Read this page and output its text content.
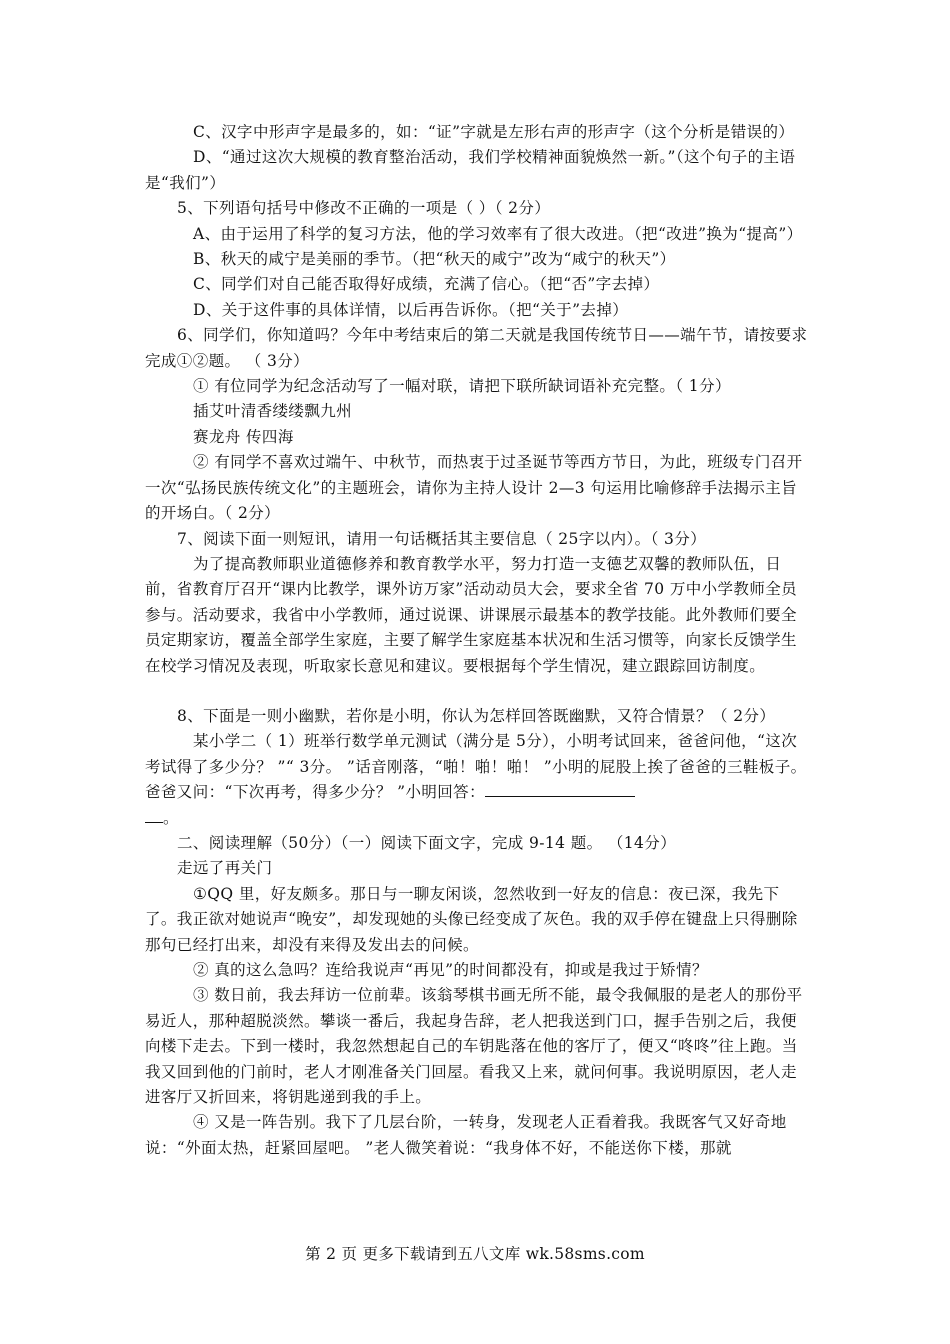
C、汉字中形声字是最多的，如：“证”字就是左形右声的形声字（这个分析是错误的）

D、“通过这次大规模的教育整治活动，我们学校精神面貌焕然一新。”（这个句子的主语是“我们”）

5、下列语句括号中修改不正确的一项是（ ）（ 2分）

A、由于运用了科学的复习方法，他的学习效率有了很大改进。（把“改进”换为“提高”）

B、秋天的咸宁是美丽的季节。（把“秋天的咸宁”改为“咸宁的秋天”）

C、同学们对自己能否取得好成绩，充满了信心。（把“否”字去掉）

D、关于这件事的具体详情，以后再告诉你。（把“关于”去掉）

6、同学们，你知道吗？今年中考结束后的第二天就是我国传统节日——端午节，请按要求完成①②题。 （ 3分）

① 有位同学为纪念活动写了一幅对联，请把下联所缺词语补充完整。（ 1分）

插艾叶清香缕缕飘九州

赛龙舟 传四海

② 有同学不喜欢过端午、中秋节，而热衷于过圣诞节等西方节日，为此，班级专门召开一次“弘扬民族传统文化”的主题班会，请你为主持人设计 2—3 句运用比喻修辞手法揭示主旨的开场白。（ 2分）

7、阅读下面一则短讯，请用一句话概括其主要信息（ 25字以内）。（ 3分）

为了提高教师职业道德修养和教育教学水平，努力打造一支德艺双馨的教师队伍，日前，省教育厅召开“课内比教学，课外访万家”活动动员大会，要求全省 70 万中小学教师全员参与。活动要求，我省中小学教师，通过说课、讲课展示最基本的教学技能。此外教师们要全员定期家访，覆盖全部学生家庭，主要了解学生家庭基本状况和生活习惯等，向家长反馈学生在校学习情况及表现，听取家长意见和建议。要根据每个学生情况，建立跟踪回访制度。

8、下面是一则小幽默，若你是小明，你认为怎样回答既幽默，又符合情景？（ 2分）

某小学二（ 1）班举行数学单元测试（满分是 5分），小明考试回来，爸爸问他，“这次考试得了多少分？ ”“ 3分。 ”话音刚落，“啪！啪！啪！ ”小明的屁股上挨了爸爸的三鞋板子。爸爸又问：“下次再考，得多少分？ ”小明回答：
。

二、阅读理解（50分）（一）阅读下面文字，完成 9-14 题。 （14分）

走远了再关门

①QQ 里，好友颇多。那日与一聊友闲谈，忽然收到一好友的信息：夜已深，我先下了。我正欲对她说声“晚安”，却发现她的头像已经变成了灰色。我的双手停在键盘上只得删除那句已经打出来，却没有来得及发出去的问候。

② 真的这么急吗？连给我说声“再见”的时间都没有，抑或是我过于矫情？

③ 数日前，我去拜访一位前辈。该翁琴棋书画无所不能，最令我佩服的是老人的那份平易近人，那种超脱淡然。攀谈一番后，我起身告辞，老人把我送到门口，握手告别之后，我便向楼下走去。下到一楼时，我忽然想起自己的车钥匙落在他的客厅了，便又“咚咚”往上跑。当我又回到他的门前时，老人才刚准备关门回屋。看我又上来，就问何事。我说明原因，老人走进客厅又折回来，将钥匙递到我的手上。

④ 又是一阵告别。我下了几层台阶，一转身，发现老人正看着我。我既客气又好奇地说：“外面太热，赶紧回屋吧。 ”老人微笑着说：“我身体不好，不能送你下楼，那就

第 2 页 更多下载请到五八文库 wk.58sms.com
